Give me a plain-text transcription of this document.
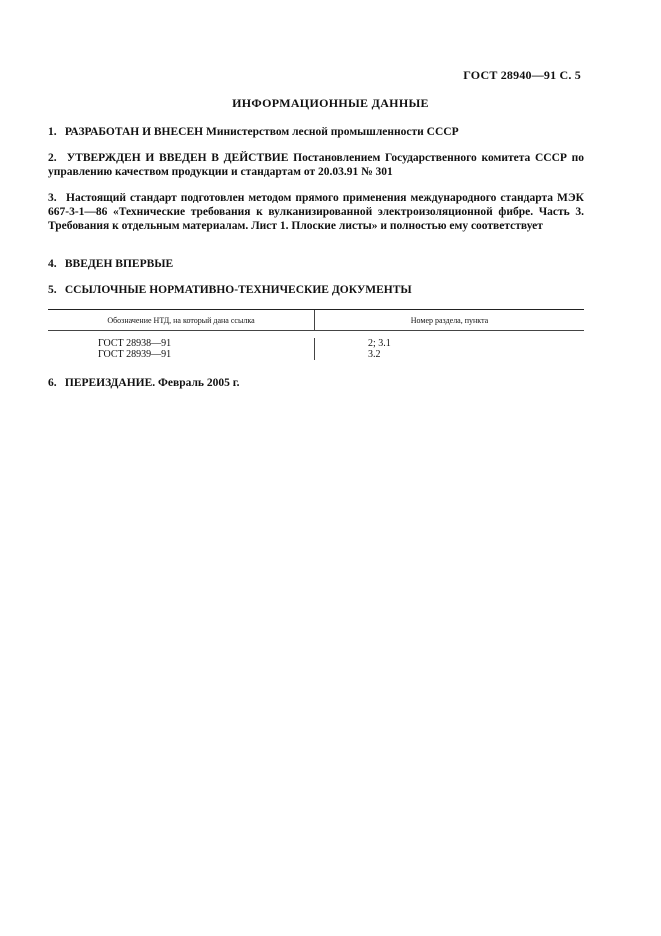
ГОСТ 28940—91 С. 5
ИНФОРМАЦИОННЫЕ ДАННЫЕ
1. РАЗРАБОТАН И ВНЕСЕН Министерством лесной промышленности СССР
2. УТВЕРЖДЕН И ВВЕДЕН В ДЕЙСТВИЕ Постановлением Государственного комитета СССР по управлению качеством продукции и стандартам от 20.03.91 № 301
3. Настоящий стандарт подготовлен методом прямого применения международного стандарта МЭК 667-3-1—86 «Технические требования к вулканизированной электроизоляционной фибре. Часть 3. Требования к отдельным материалам. Лист 1. Плоские листы» и полностью ему соответствует
4. ВВЕДЕН ВПЕРВЫЕ
5. ССЫЛОЧНЫЕ НОРМАТИВНО-ТЕХНИЧЕСКИЕ ДОКУМЕНТЫ
Обозначение НТД, на который дана ссылка	Номер раздела, пункта
ГОСТ 28938—91	2; 3.1
ГОСТ 28939—91	3.2
6. ПЕРЕИЗДАНИЕ. Февраль 2005 г.
